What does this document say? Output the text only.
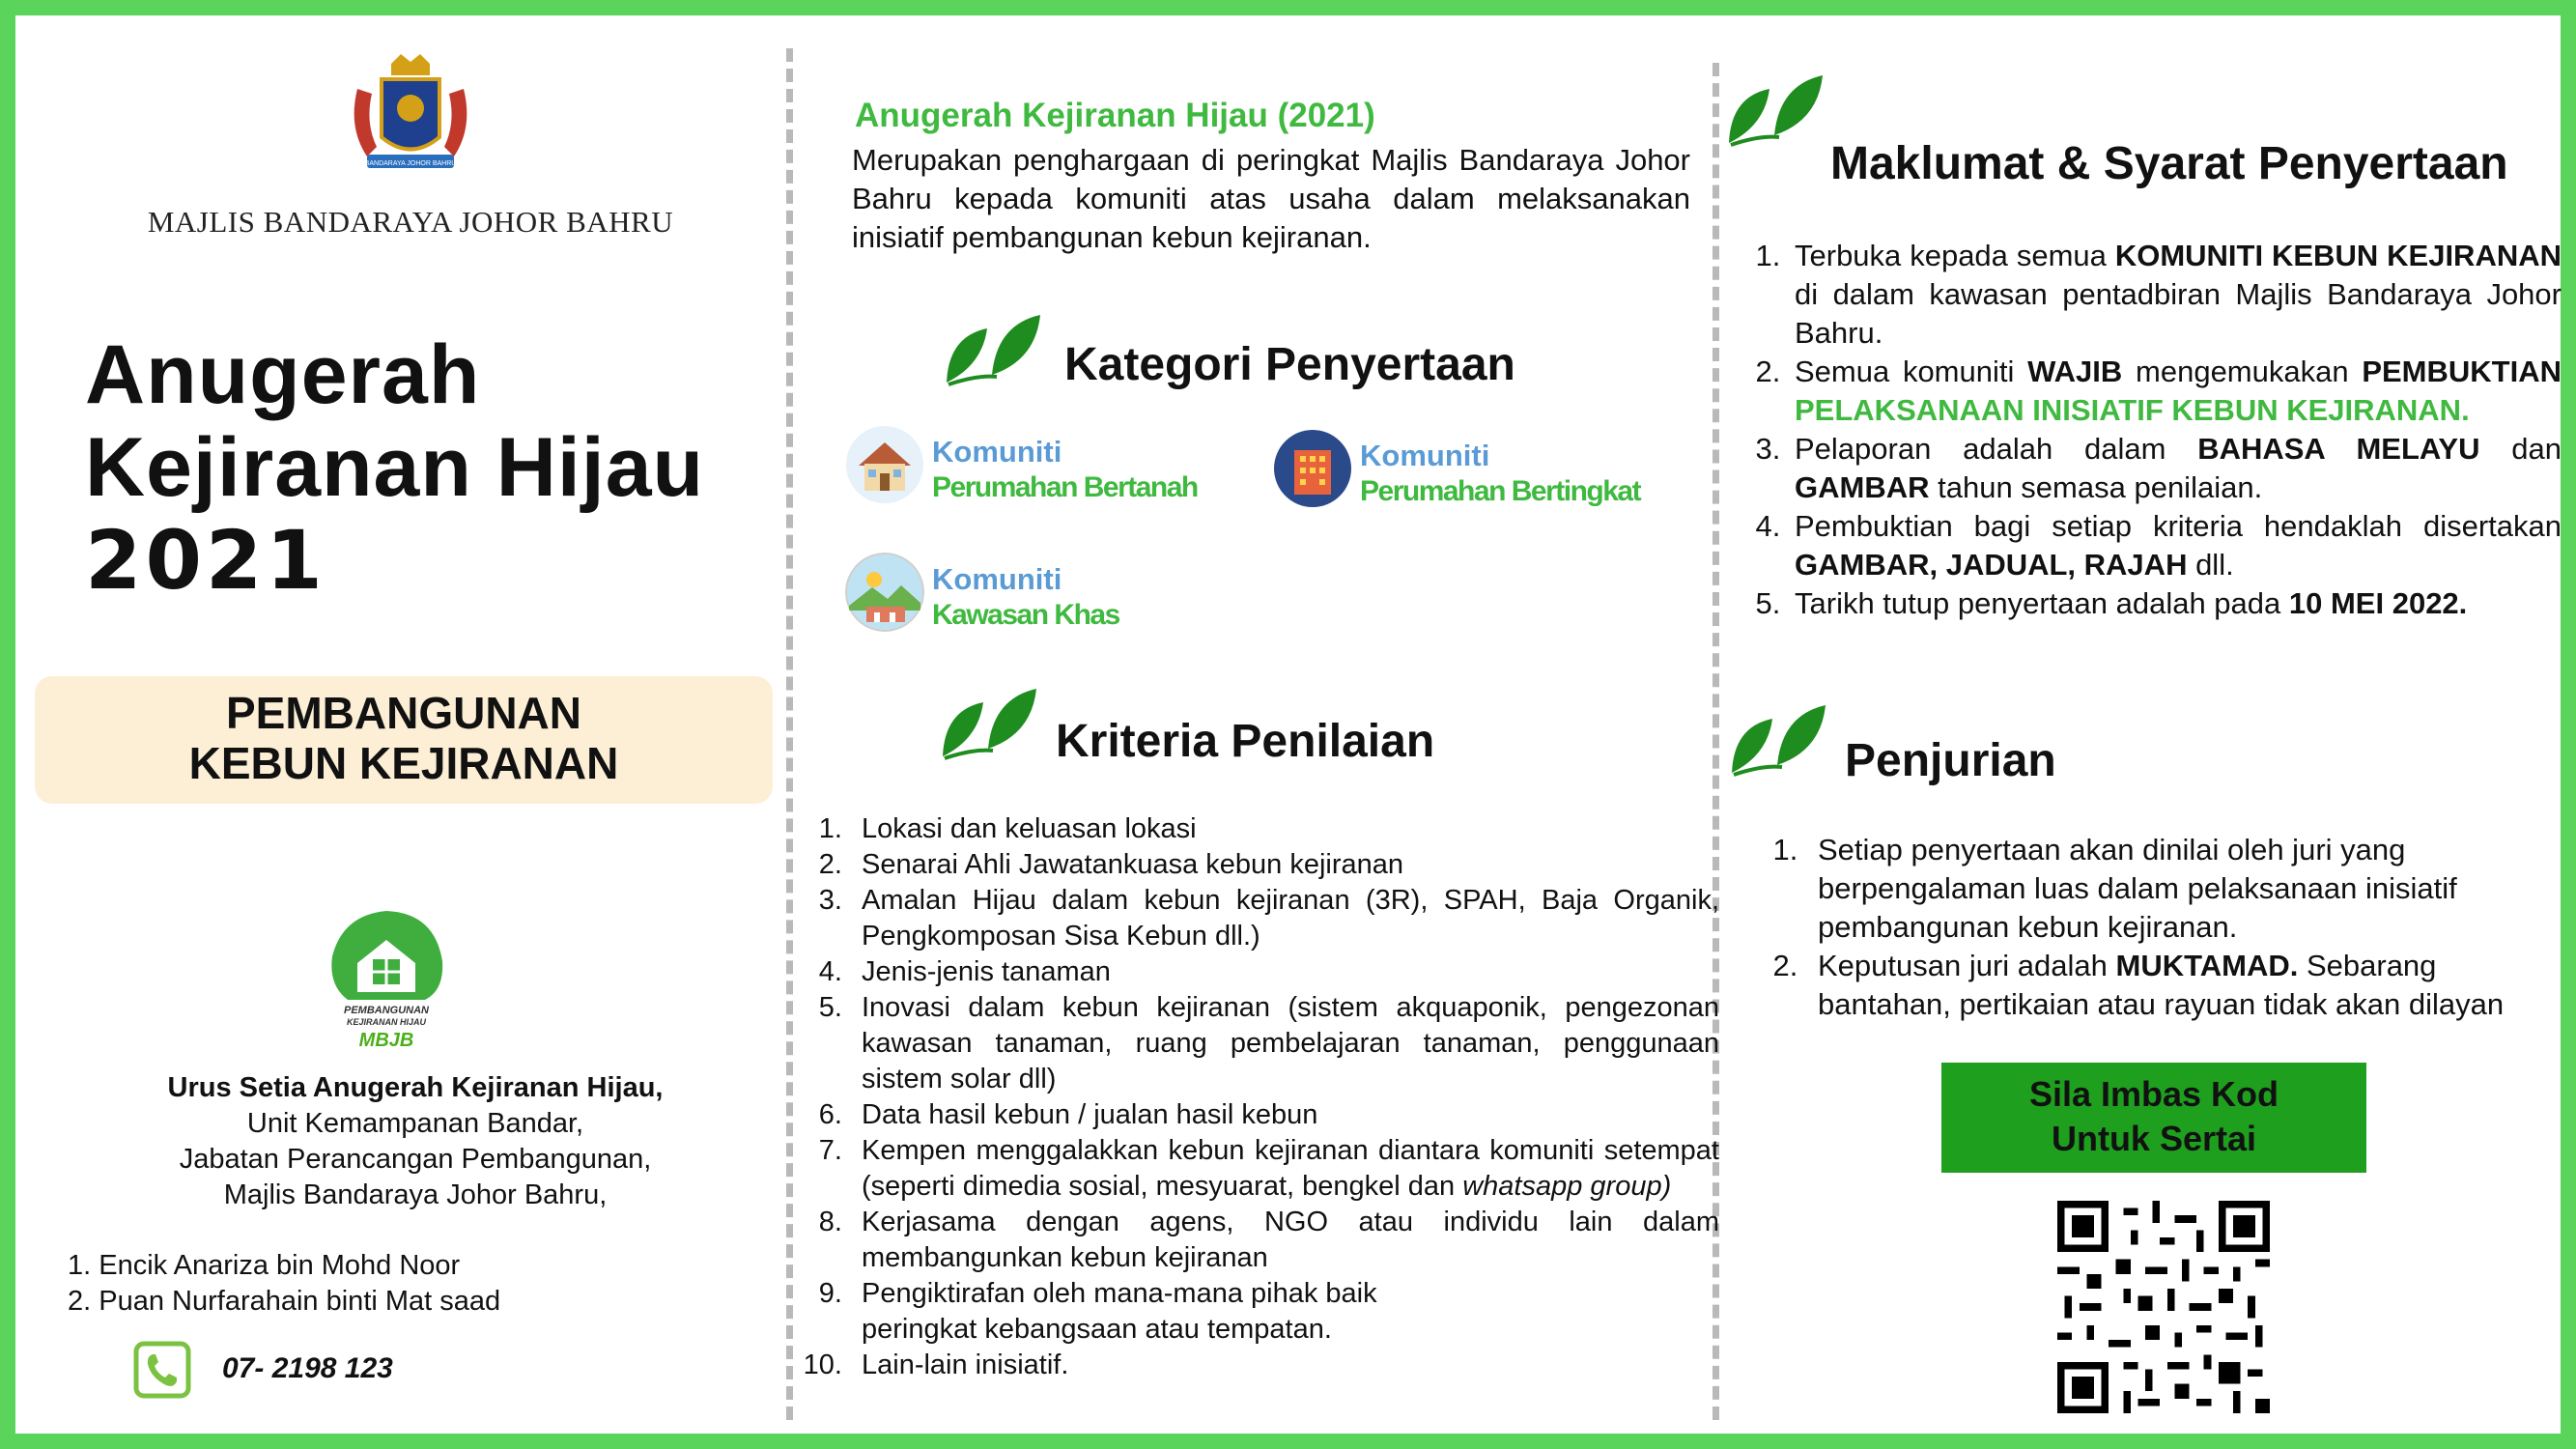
BANDARAYA JOHOR BAHRU
MAJLIS BANDARAYA JOHOR BAHRU
Anugerah
Kejiranan Hijau
2021
PEMBANGUNAN
KEBUN KEJIRANAN
PEMBANGUNAN
KEJIRANAN HIJAU
MBJB
Urus Setia Anugerah Kejiranan Hijau,
Unit Kemampanan Bandar,
Jabatan Perancangan Pembangunan,
Majlis Bandaraya Johor Bahru,
1. Encik Anariza bin Mohd Noor
2. Puan Nurfarahain binti Mat saad
07- 2198 123
Anugerah Kejiranan Hijau (2021)
Merupakan penghargaan di peringkat Majlis Bandaraya Johor Bahru kepada komuniti atas usaha dalam melaksanakan inisiatif pembangunan kebun kejiranan.
Kategori Penyertaan
Komuniti
Perumahan Bertanah
Komuniti
Perumahan Bertingkat
Komuniti
Kawasan Khas
Kriteria Penilaian
1. Lokasi dan keluasan lokasi
2. Senarai Ahli Jawatankuasa kebun kejiranan
3. Amalan Hijau dalam kebun kejiranan (3R), SPAH, Baja Organik, Pengkomposan Sisa Kebun dll.)
4. Jenis-jenis tanaman
5. Inovasi dalam kebun kejiranan (sistem akquaponik, pengezonan kawasan tanaman, ruang pembelajaran tanaman, penggunaan sistem solar dll)
6. Data hasil kebun / jualan hasil kebun
7. Kempen menggalakkan kebun kejiranan diantara komuniti setempat (seperti dimedia sosial, mesyuarat, bengkel dan whatsapp group)
8. Kerjasama dengan agens, NGO atau individu lain dalam membangunkan kebun kejiranan
9. Pengiktirafan oleh mana-mana pihak baik
peringkat kebangsaan atau tempatan.
10. Lain-lain inisiatif.
Maklumat & Syarat Penyertaan
1. Terbuka kepada semua KOMUNITI KEBUN KEJIRANAN di dalam kawasan pentadbiran Majlis Bandaraya Johor Bahru.
2. Semua komuniti WAJIB mengemukakan PEMBUKTIAN PELAKSANAAN INISIATIF KEBUN KEJIRANAN.
3. Pelaporan adalah dalam BAHASA MELAYU dan GAMBAR tahun semasa penilaian.
4. Pembuktian bagi setiap kriteria hendaklah disertakan GAMBAR, JADUAL, RAJAH dll.
5. Tarikh tutup penyertaan adalah pada 10 MEI 2022.
Penjurian
1. Setiap penyertaan akan dinilai oleh juri yang berpengalaman luas dalam pelaksanaan inisiatif pembangunan kebun kejiranan.
2. Keputusan juri adalah MUKTAMAD. Sebarang bantahan, pertikaian atau rayuan tidak akan dilayan
Sila Imbas Kod
Untuk Sertai
